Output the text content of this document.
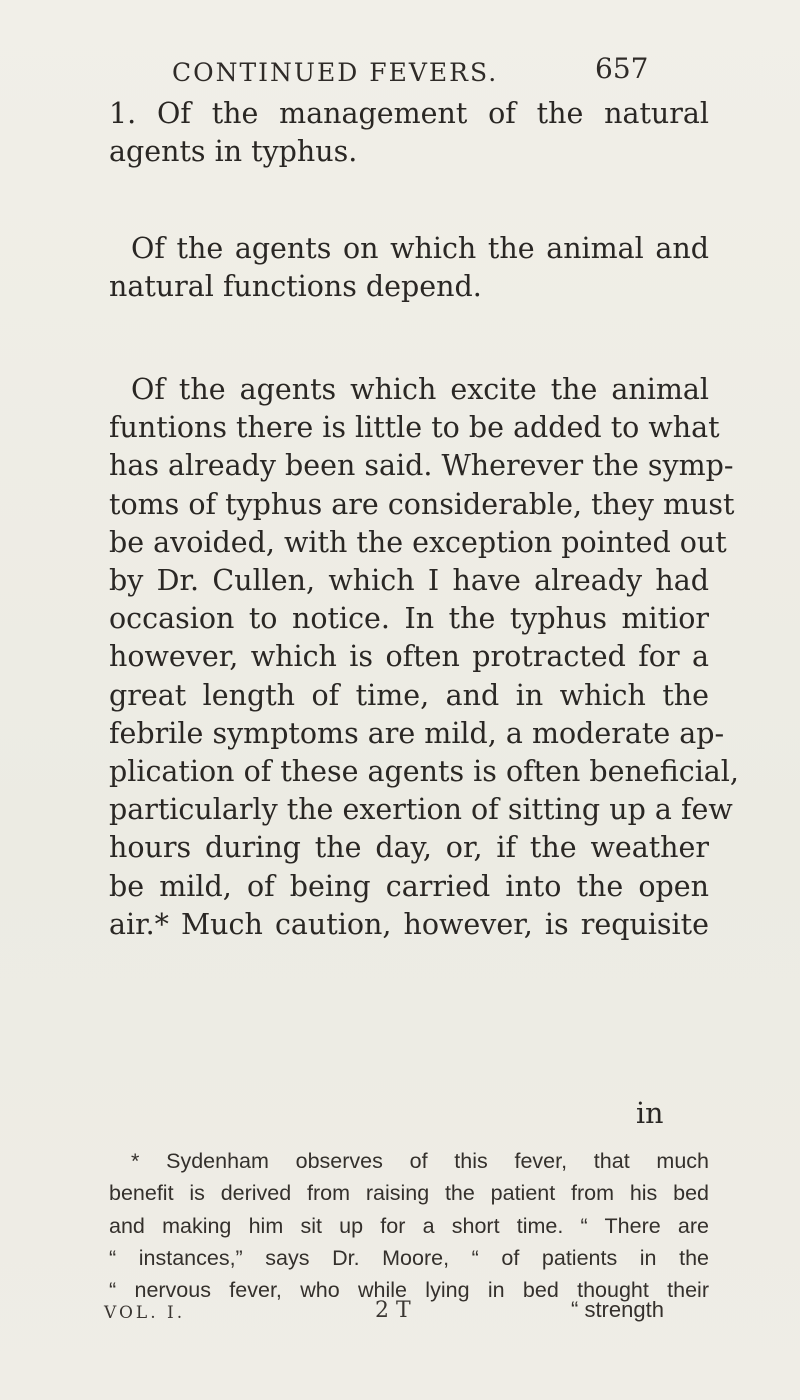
CONTINUED FEVERS.	657

1. Of the management of the natural
agents in typhus.

Of the agents on which the animal and
natural functions depend.

Of the agents which excite the animal
funtions there is little to be added to what
has already been said. Wherever the symp-
toms of typhus are considerable, they must
be avoided, with the exception pointed out
by Dr. Cullen, which I have already had
occasion to notice. In the typhus mitior
however, which is often protracted for a
great length of time, and in which the
febrile symptoms are mild, a moderate ap-
plication of these agents is often beneficial,
particularly the exertion of sitting up a few
hours during the day, or, if the weather
be mild, of being carried into the open
air.* Much caution, however, is requisite

in
* Sydenham observes of this fever, that much
benefit is derived from raising the patient from his bed
and making him sit up for a short time. “ There are
“ instances,” says Dr. Moore, “ of patients in the
“ nervous fever, who while lying in bed thought their
VOL. I.	2 T	“ strength
